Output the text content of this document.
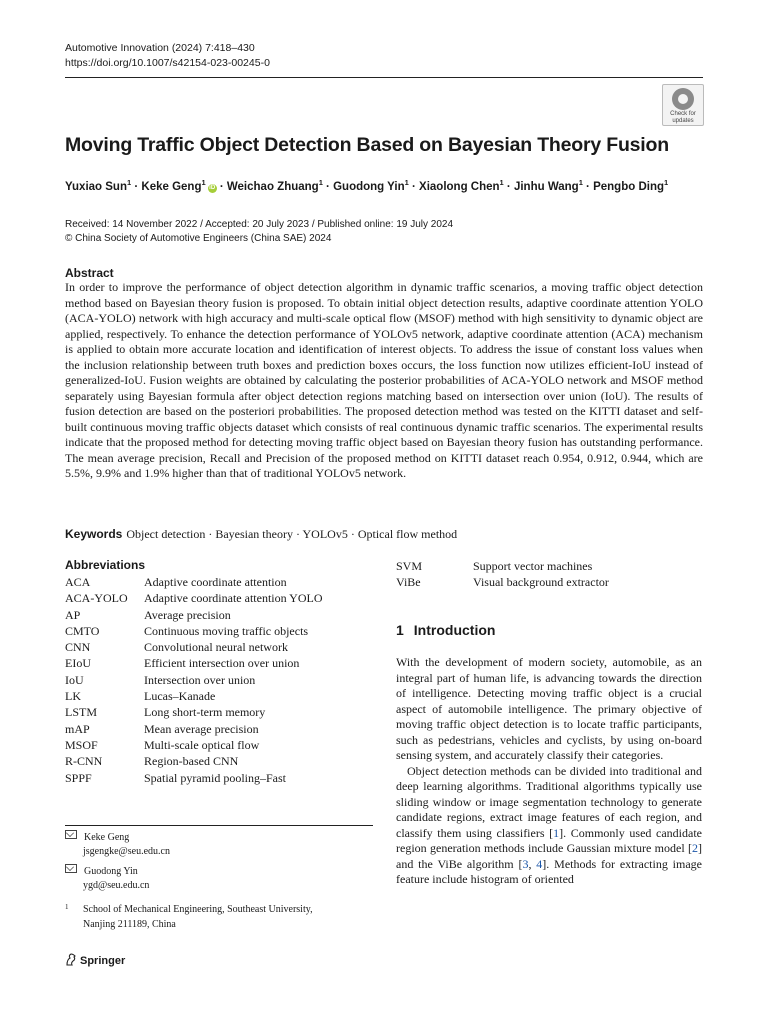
Automotive Innovation (2024) 7:418–430
https://doi.org/10.1007/s42154-023-00245-0
Check for
updates
Moving Traffic Object Detection Based on Bayesian Theory Fusion
Yuxiao Sun$^1$ · Keke Geng$^1$iD · Weichao Zhuang$^1$ · Guodong Yin$^1$ · Xiaolong Chen$^1$ · Jinhu Wang$^1$ · Pengbo Ding$^1$
Received: 14 November 2022 / Accepted: 20 July 2023 / Published online: 19 July 2024
© China Society of Automotive Engineers (China SAE) 2024
Abstract
In order to improve the performance of object detection algorithm in dynamic traffic scenarios, a moving traffic object detection method based on Bayesian theory fusion is proposed. To obtain initial object detection results, adaptive coordinate attention YOLO (ACA-YOLO) network with high accuracy and multi-scale optical flow (MSOF) method with high sensitivity to dynamic object are applied, respectively. To enhance the detection performance of YOLOv5 network, adaptive coordinate attention (ACA) mechanism is applied to obtain more accurate location and identification of interest objects. To address the issue of constant loss values when the inclusion relationship between truth boxes and prediction boxes occurs, the loss function now utilizes efficient-IoU instead of generalized-IoU. Fusion weights are obtained by calculating the posterior probabilities of ACA-YOLO network and MSOF method separately using Bayesian formula after object detection regions matching based on intersection over union (IoU). The results of fusion detection are based on the posteriori probabilities. The proposed detection method was tested on the KITTI dataset and self-built continuous moving traffic objects dataset which consists of real continuous dynamic traffic scenarios. The experimental results indicate that the proposed method for detecting moving traffic object based on Bayesian theory fusion has outstanding performance. The mean average precision, Recall and Precision of the proposed method on KITTI dataset reach 0.954, 0.912, 0.944, which are 5.5%, 9.9% and 1.9% higher than that of traditional YOLOv5 network.
Keywords Object detection · Bayesian theory · YOLOv5 · Optical flow method
Abbreviations
ACA	Adaptive coordinate attention
ACA-YOLO	Adaptive coordinate attention YOLO
AP	Average precision
CMTO	Continuous moving traffic objects
CNN	Convolutional neural network
EIoU	Efficient intersection over union
IoU	Intersection over union
LK	Lucas–Kanade
LSTM	Long short-term memory
mAP	Mean average precision
MSOF	Multi-scale optical flow
R-CNN	Region-based CNN
SPPF	Spatial pyramid pooling–Fast
SVM	Support vector machines
ViBe	Visual background extractor
1 Introduction

With the development of modern society, automobile, as an integral part of human life, is advancing towards the direction of intelligence. Detecting moving traffic object is a crucial aspect of automobile intelligence. The primary objective of moving traffic object detection is to locate traffic participants, such as pedestrians, vehicles and cyclists, by using on-board sensing system, and accurately classify their categories.

Object detection methods can be divided into traditional and deep learning algorithms. Traditional algorithms typically use sliding window or image segmentation technology to generate candidate regions, extract image features of each region, and classify them using classifiers [1]. Commonly used candidate region generation methods include Gaussian mixture model [2] and the ViBe algorithm [3, 4]. Methods for extracting image feature include histogram of oriented

Keke Geng
jsgengke@seu.edu.cn
Guodong Yin
ygd@seu.edu.cn
1	School of Mechanical Engineering, Southeast University,
Nanjing 211189, China
Springer
